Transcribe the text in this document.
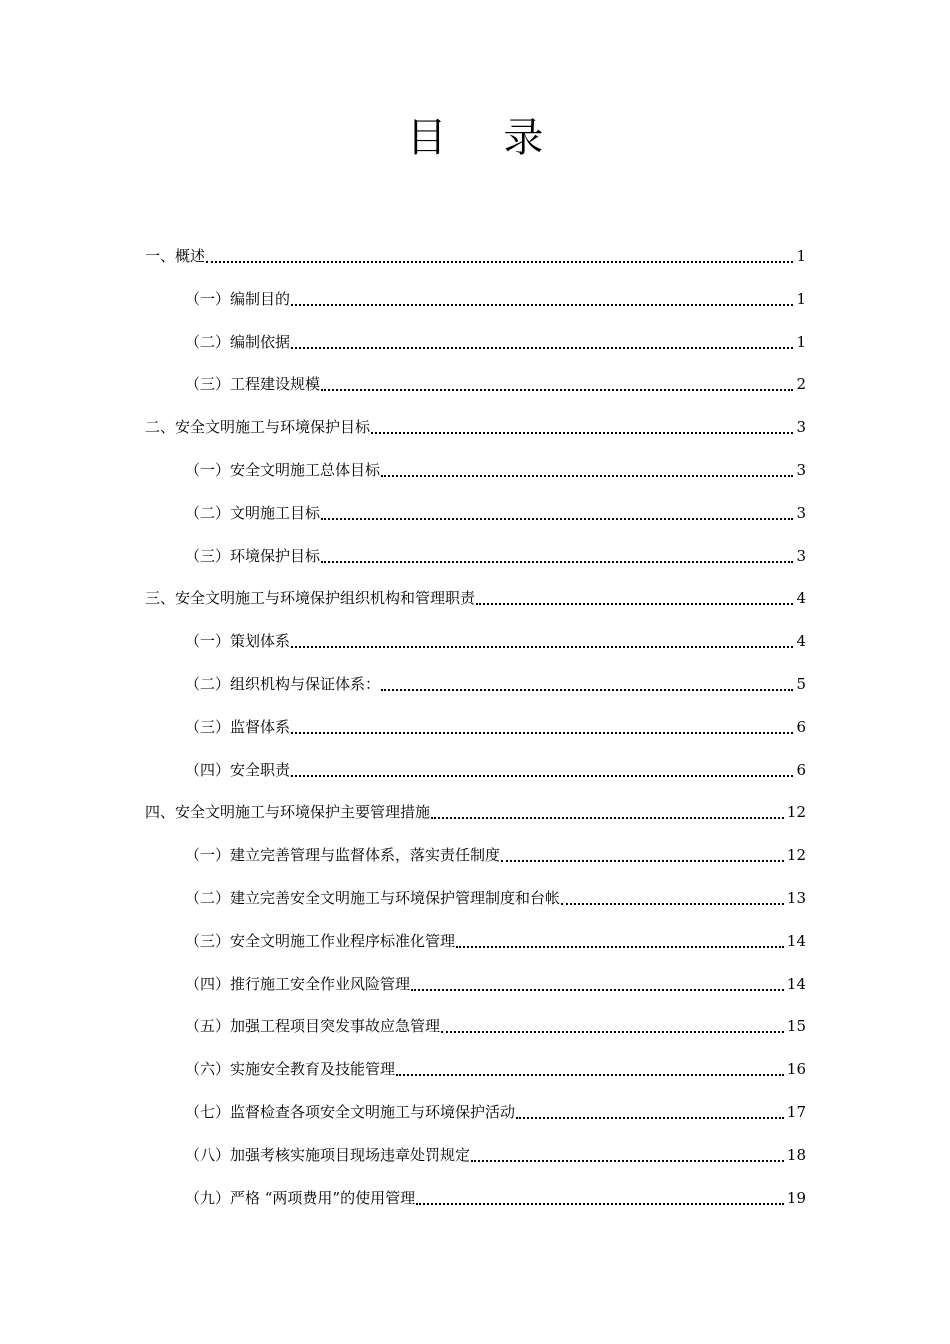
目 录
一、概述	1
（一）编制目的	1
（二）编制依据	1
（三）工程建设规模	2
二、安全文明施工与环境保护目标	3
（一）安全文明施工总体目标	3
（二）文明施工目标	3
（三）环境保护目标	3
三、安全文明施工与环境保护组织机构和管理职责	4
（一）策划体系	4
（二）组织机构与保证体系：	5
（三）监督体系	6
（四）安全职责	6
四、安全文明施工与环境保护主要管理措施	12
（一）建立完善管理与监督体系，落实责任制度	12
（二）建立完善安全文明施工与环境保护管理制度和台帐	13
（三）安全文明施工作业程序标准化管理	14
（四）推行施工安全作业风险管理	14
（五）加强工程项目突发事故应急管理	15
（六）实施安全教育及技能管理	16
（七）监督检查各项安全文明施工与环境保护活动	17
（八）加强考核实施项目现场违章处罚规定	18
（九）严格 “两项费用”的使用管理	19
